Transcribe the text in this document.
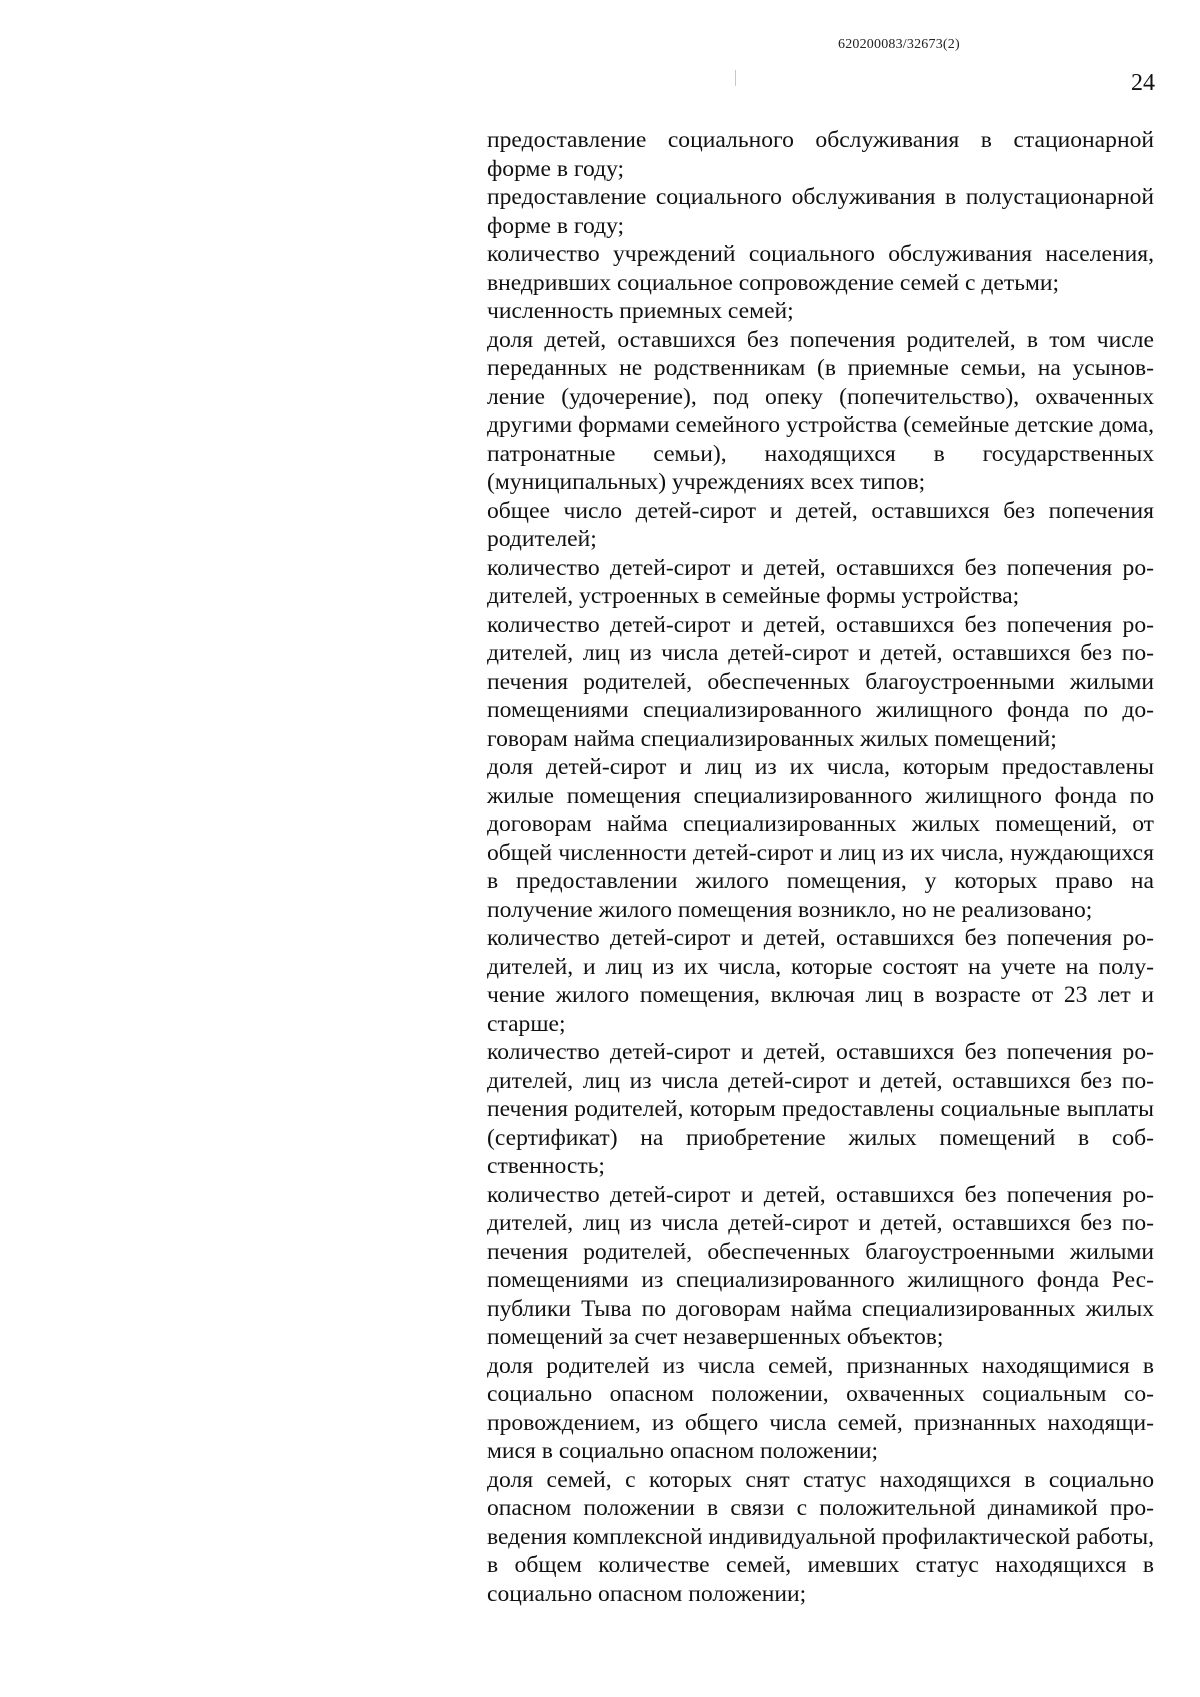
620200083/32673(2)
24

предоставление социального обслуживания в стационарной форме в году;

предоставление социального обслуживания в полустационарной форме в году;

количество учреждений социального обслуживания населения, внедривших социальное сопровождение семей с детьми;

численность приемных семей;

доля детей, оставшихся без попечения родителей, в том числе переданных не родственникам (в приемные семьи, на усыновление (удочерение), под опеку (попечительство), охваченных другими формами семейного устройства (семейные детские дома, патронатные семьи), находящихся в государственных (муниципальных) учреждениях всех типов;

общее число детей-сирот и детей, оставшихся без попечения родителей;

количество детей-сирот и детей, оставшихся без попечения родителей, устроенных в семейные формы устройства;

количество детей-сирот и детей, оставшихся без попечения родителей, лиц из числа детей-сирот и детей, оставшихся без попечения родителей, обеспеченных благоустроенными жилыми помещениями специализированного жилищного фонда по договорам найма специализированных жилых помещений;

доля детей-сирот и лиц из их числа, которым предоставлены жилые помещения специализированного жилищного фонда по договорам найма специализированных жилых помещений, от общей численности детей-сирот и лиц из их числа, нуждающихся в предоставлении жилого помещения, у которых право на получение жилого помещения возникло, но не реализовано;

количество детей-сирот и детей, оставшихся без попечения родителей, и лиц из их числа, которые состоят на учете на получение жилого помещения, включая лиц в возрасте от 23 лет и старше;

количество детей-сирот и детей, оставшихся без попечения родителей, лиц из числа детей-сирот и детей, оставшихся без попечения родителей, которым предоставлены социальные выплаты (сертификат) на приобретение жилых помещений в собственность;

количество детей-сирот и детей, оставшихся без попечения родителей, лиц из числа детей-сирот и детей, оставшихся без попечения родителей, обеспеченных благоустроенными жилыми помещениями из специализированного жилищного фонда Республики Тыва по договорам найма специализированных жилых помещений за счет незавершенных объектов;

доля родителей из числа семей, признанных находящимися в социально опасном положении, охваченных социальным сопровождением, из общего числа семей, признанных находящимися в социально опасном положении;

доля семей, с которых снят статус находящихся в социально опасном положении в связи с положительной динамикой проведения комплексной индивидуальной профилактической работы, в общем количестве семей, имевших статус находящихся в социально опасном положении;
